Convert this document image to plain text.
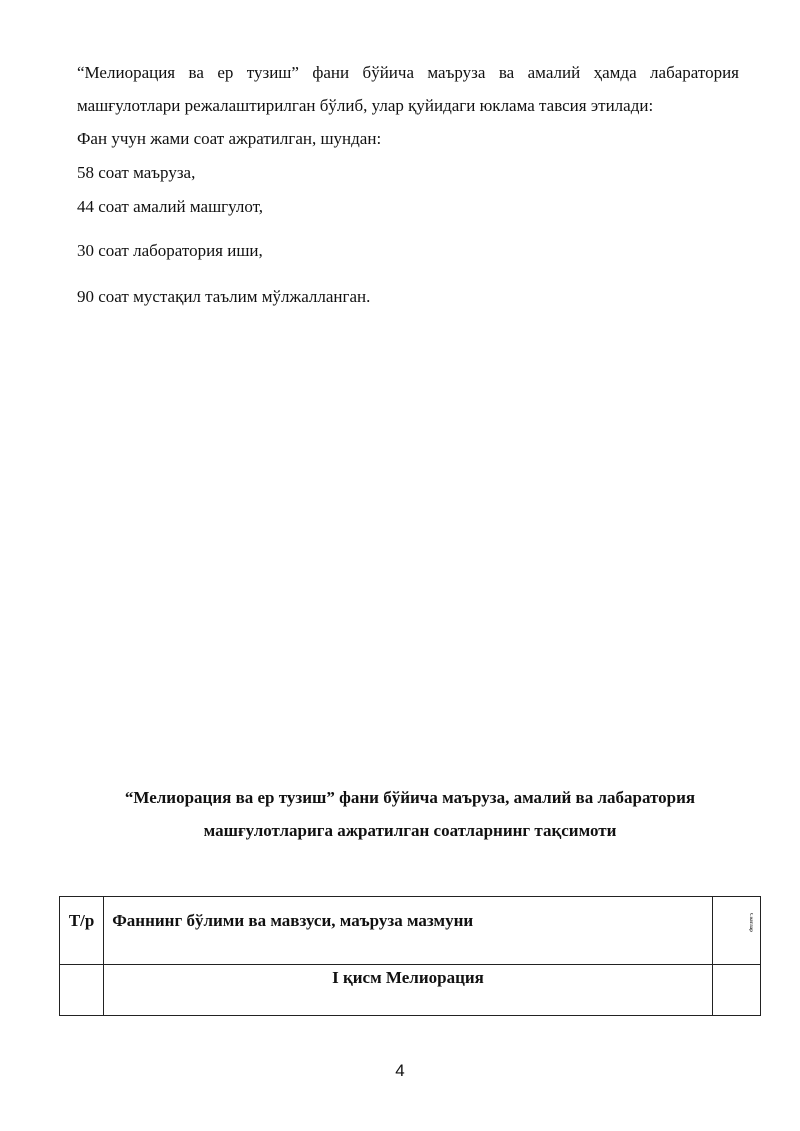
“Мелиорация ва ер тузиш” фани бўйича маъруза ва амалий ҳамда лабаратория
машғулотлари режалаштирилган бўлиб, улар қуйидаги юклама тавсия этилади:
Фан учун жами соат ажратилган, шундан:
58 соат маъруза,
44 соат амалий машгулот,
30 соат лаборатория иши,
90 соат мустақил таълим мўлжалланган.
“Мелиорация ва ер тузиш” фани бўйича маъруза, амалий ва лабаратория
машғулотларига ажратилган соатларнинг тақсимоти
Т/р	Фаннинг бўлими ва мавзуси, маъруза мазмуни	Соатлар

	I қисм Мелиорация	
4
